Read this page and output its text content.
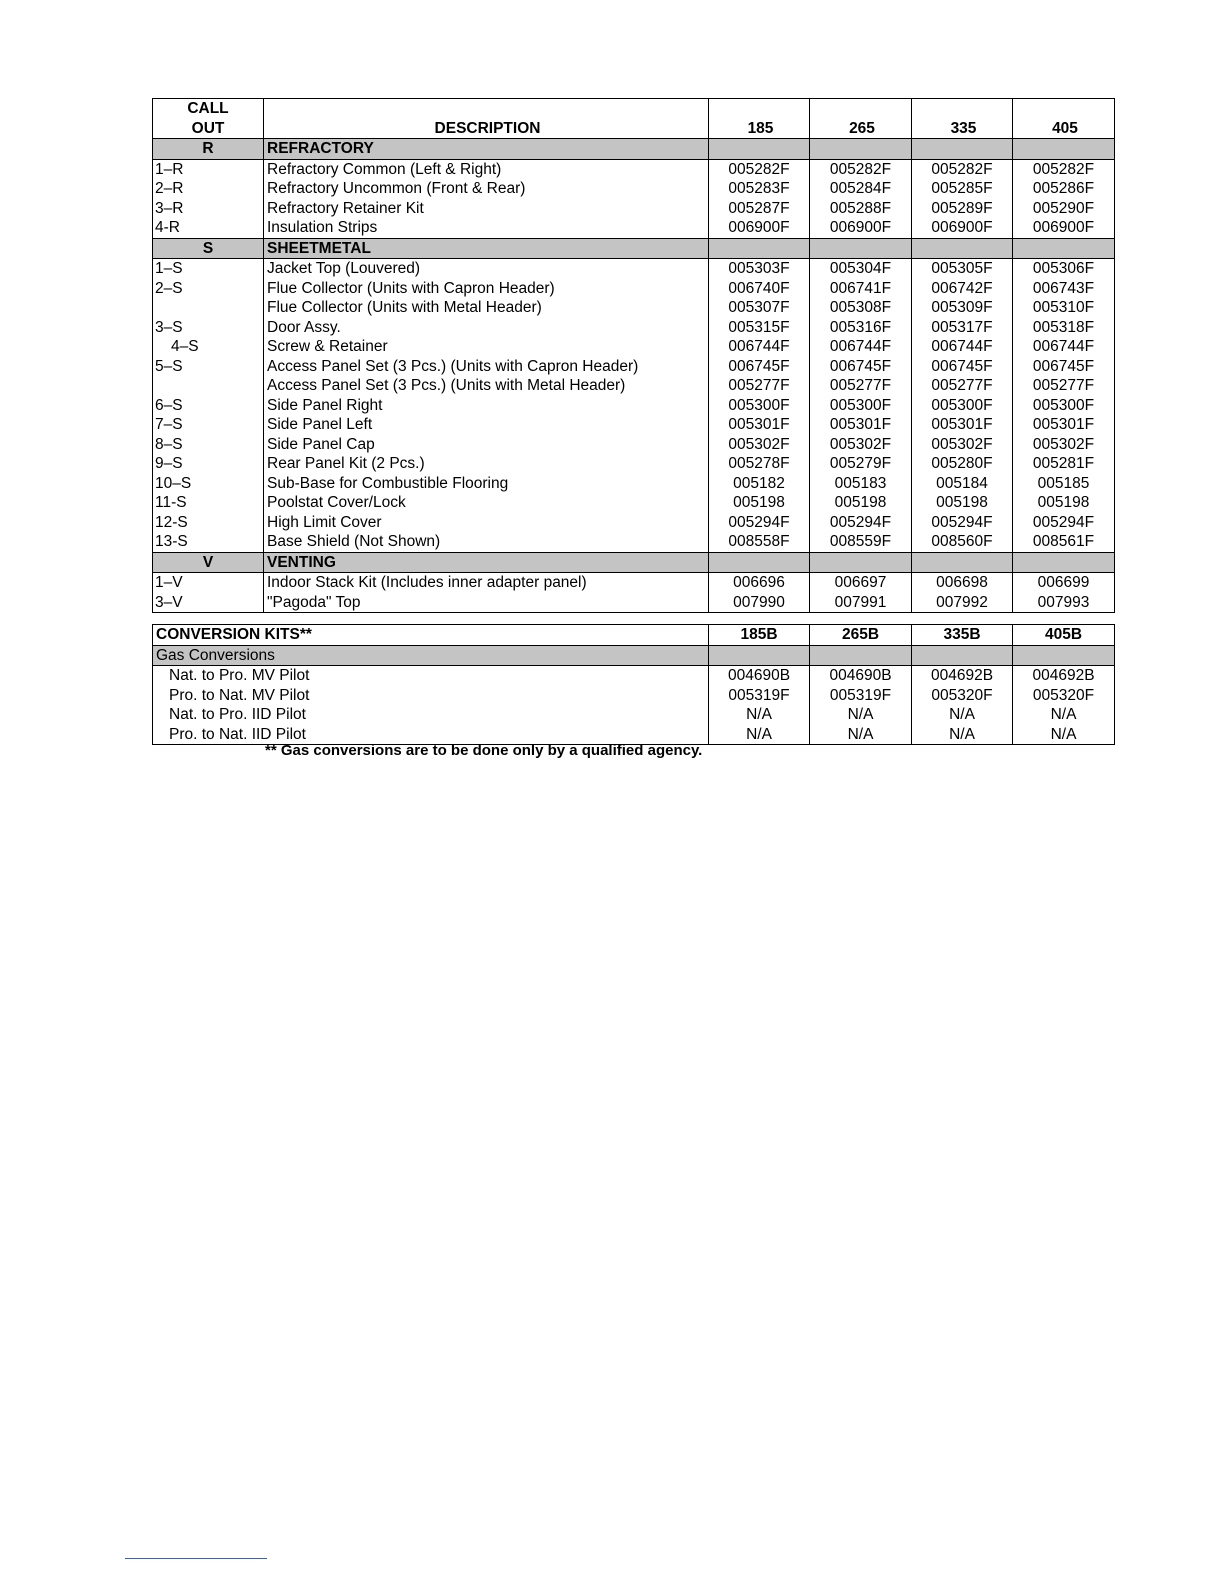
CALL
OUT	DESCRIPTION	185	265	335	405
R	REFRACTORY				
1–R	Refractory Common (Left & Right)	005282F	005282F	005282F	005282F
2–R	Refractory Uncommon (Front & Rear)	005283F	005284F	005285F	005286F
3–R	Refractory Retainer Kit	005287F	005288F	005289F	005290F
4-R	Insulation Strips	006900F	006900F	006900F	006900F
S	SHEETMETAL				
1–S	Jacket Top (Louvered)	005303F	005304F	005305F	005306F
2–S	Flue Collector (Units with Capron Header)	006740F	006741F	006742F	006743F
	Flue Collector (Units with Metal Header)	005307F	005308F	005309F	005310F
3–S	Door Assy.	005315F	005316F	005317F	005318F
4–S	Screw & Retainer	006744F	006744F	006744F	006744F
5–S	Access Panel Set (3 Pcs.) (Units with Capron Header)	006745F	006745F	006745F	006745F
	Access Panel Set (3 Pcs.) (Units with Metal Header)	005277F	005277F	005277F	005277F
6–S	Side Panel Right	005300F	005300F	005300F	005300F
7–S	Side Panel Left	005301F	005301F	005301F	005301F
8–S	Side Panel Cap	005302F	005302F	005302F	005302F
9–S	Rear Panel Kit (2 Pcs.)	005278F	005279F	005280F	005281F
10–S	Sub-Base for Combustible Flooring	005182	005183	005184	005185
11-S	Poolstat Cover/Lock	005198	005198	005198	005198
12-S	High Limit Cover	005294F	005294F	005294F	005294F
13-S	Base Shield (Not Shown)	008558F	008559F	008560F	008561F
V	VENTING				
1–V	Indoor Stack Kit (Includes inner adapter panel)	006696	006697	006698	006699
3–V	"Pagoda" Top	007990	007991	007992	007993
CONVERSION KITS**	185B	265B	335B	405B
Gas Conversions				
Nat. to Pro. MV Pilot	004690B	004690B	004692B	004692B
Pro. to Nat. MV Pilot	005319F	005319F	005320F	005320F
Nat. to Pro. IID Pilot	N/A	N/A	N/A	N/A
Pro. to Nat. IID Pilot	N/A	N/A	N/A	N/A
** Gas conversions are to be done only by a qualified agency.
